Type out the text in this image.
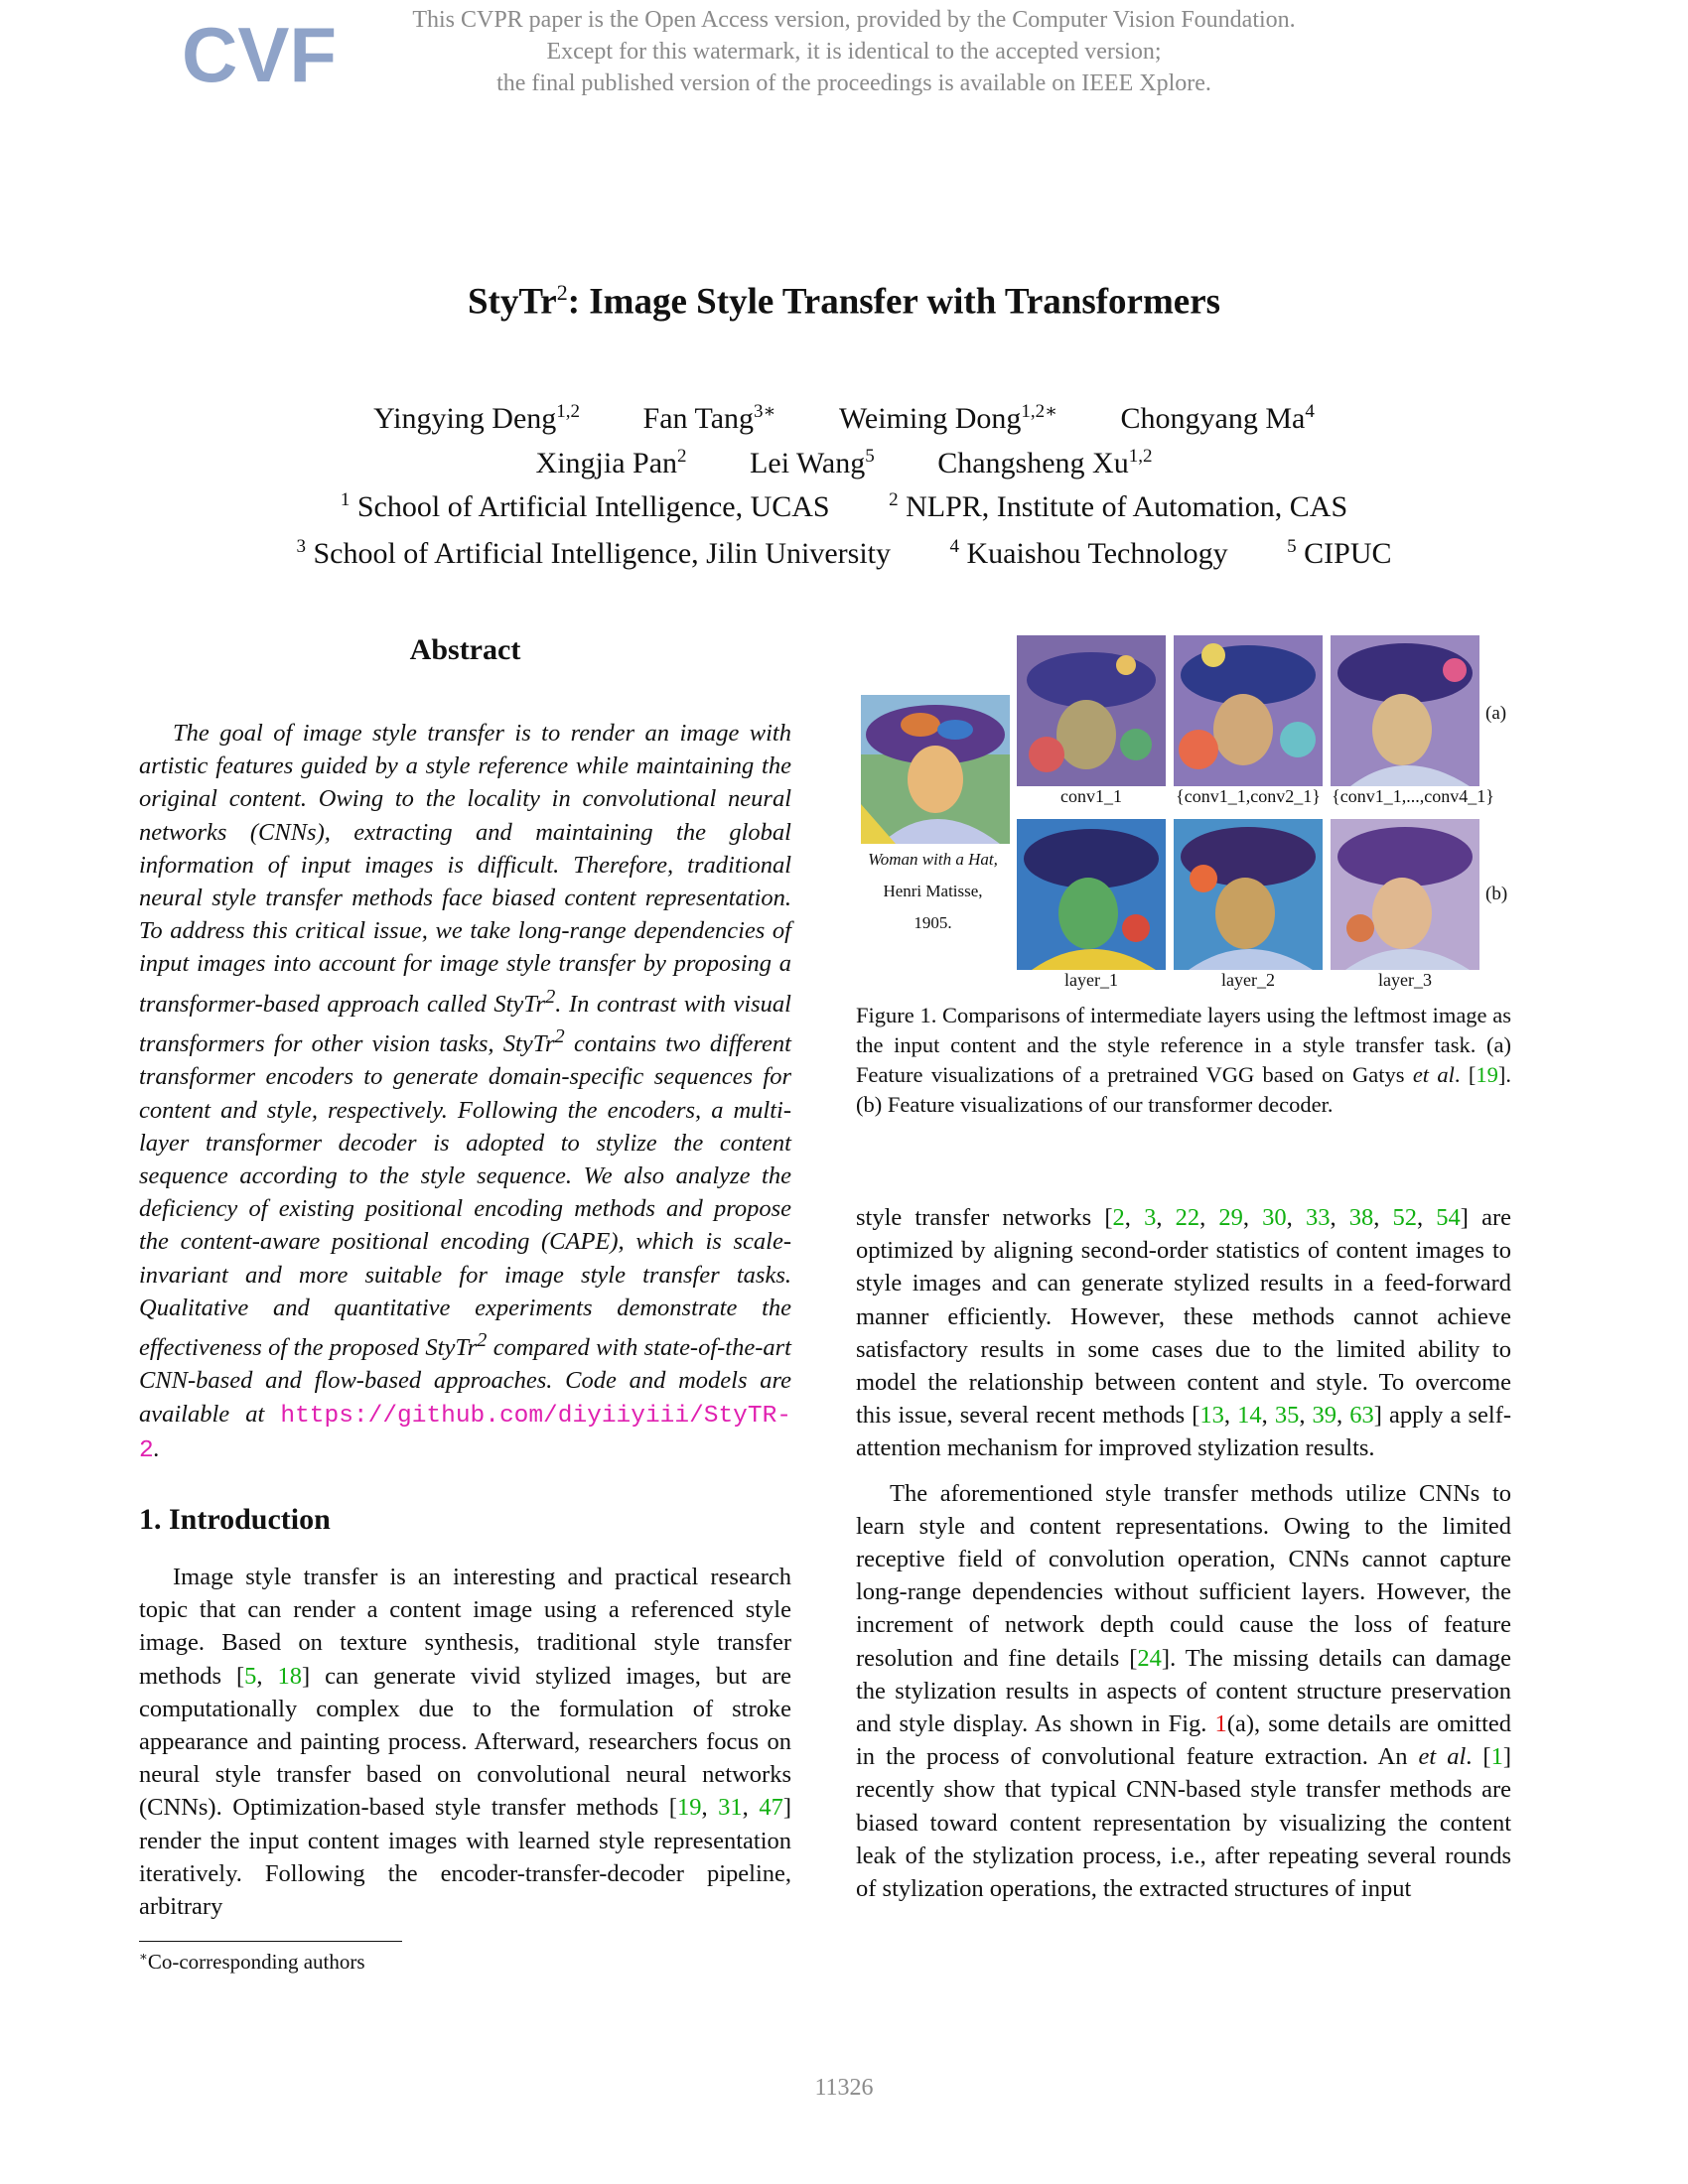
CVF	This CVPR paper is the Open Access version, provided by the Computer Vision Foundation.
Except for this watermark, it is identical to the accepted version;
the final published version of the proceedings is available on IEEE Xplore.
StyTr$^2$: Image Style Transfer with Transformers
Yingying Deng$^{1,2}$ Fan Tang$^{3∗}$ Weiming Dong$^{1,2∗}$ Chongyang Ma$^4$
Xingjia Pan$^2$ Lei Wang$^5$ Changsheng Xu$^{1,2}$
$^1$ School of Artificial Intelligence, UCAS	$^2$ NLPR, Institute of Automation, CAS
$^3$ School of Artificial Intelligence, Jilin University	$^4$ Kuaishou Technology	$^5$ CIPUC
Abstract

The goal of image style transfer is to render an image with artistic features guided by a style reference while maintaining the original content. Owing to the locality in convolutional neural networks (CNNs), extracting and maintaining the global information of input images is difficult. Therefore, traditional neural style transfer methods face biased content representation. To address this critical issue, we take long-range dependencies of input images into account for image style transfer by proposing a transformer-based approach called StyTr$^2$. In contrast with visual transformers for other vision tasks, StyTr$^2$ contains two different transformer encoders to generate domain-specific sequences for content and style, respectively. Following the encoders, a multi-layer transformer decoder is adopted to stylize the content sequence according to the style sequence. We also analyze the deficiency of existing positional encoding methods and propose the content-aware positional encoding (CAPE), which is scale-invariant and more suitable for image style transfer tasks. Qualitative and quantitative experiments demonstrate the effectiveness of the proposed StyTr$^2$ compared with state-of-the-art CNN-based and flow-based approaches. Code and models are available at https://github.com/diyiiyiii/StyTR-2.

1. Introduction

Image style transfer is an interesting and practical research topic that can render a content image using a referenced style image. Based on texture synthesis, traditional style transfer methods [5, 18] can generate vivid stylized images, but are computationally complex due to the formulation of stroke appearance and painting process. Afterward, researchers focus on neural style transfer based on convolutional neural networks (CNNs). Optimization-based style transfer methods [19, 31, 47] render the input content images with learned style representation iteratively. Following the encoder-transfer-decoder pipeline, arbitrary

Woman with a Hat,
Henri Matisse,
1905.
conv1_1	{conv1_1,conv2_1} {conv1_1,...,conv4_1}
(a)
layer_1	layer_2	layer_3
(b)
Figure 1. Comparisons of intermediate layers using the leftmost image as the input content and the style reference in a style transfer task. (a) Feature visualizations of a pretrained VGG based on Gatys et al. [19]. (b) Feature visualizations of our transformer decoder.

style transfer networks [2, 3, 22, 29, 30, 33, 38, 52, 54] are optimized by aligning second-order statistics of content images to style images and can generate stylized results in a feed-forward manner efficiently. However, these methods cannot achieve satisfactory results in some cases due to the limited ability to model the relationship between content and style. To overcome this issue, several recent methods [13, 14, 35, 39, 63] apply a self-attention mechanism for improved stylization results.

The aforementioned style transfer methods utilize CNNs to learn style and content representations. Owing to the limited receptive field of convolution operation, CNNs cannot capture long-range dependencies without sufficient layers. However, the increment of network depth could cause the loss of feature resolution and fine details [24]. The missing details can damage the stylization results in aspects of content structure preservation and style display. As shown in Fig. 1(a), some details are omitted in the process of convolutional feature extraction. An et al. [1] recently show that typical CNN-based style transfer methods are biased toward content representation by visualizing the content leak of the stylization process, i.e., after repeating several rounds of stylization operations, the extracted structures of input

∗Co-corresponding authors
11326
